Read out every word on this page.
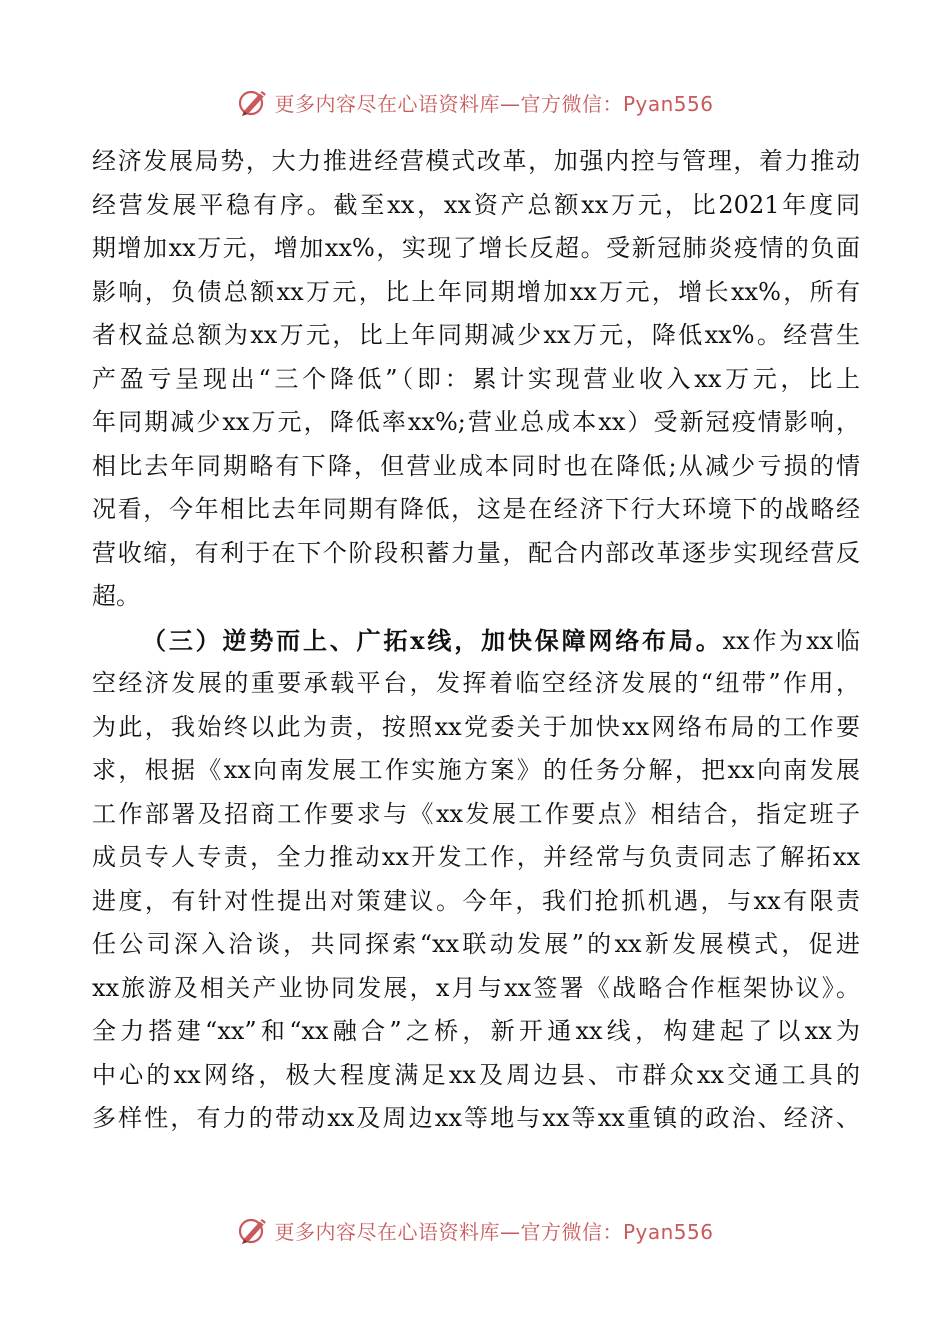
更多内容尽在心语资料库—官方微信：Pyan556
经济发展局势，大力推进经营模式改革，加强内控与管理，着力推动
经营发展平稳有序。截至xx，xx资产总额xx万元，比2021年度同
期增加xx万元，增加xx%，实现了增长反超。受新冠肺炎疫情的负面
影响，负债总额xx万元，比上年同期增加xx万元，增长xx%，所有
者权益总额为xx万元，比上年同期减少xx万元，降低xx%。经营生
产盈亏呈现出“三个降低”（即：累计实现营业收入xx万元，比上
年同期减少xx万元，降低率xx%;营业总成本xx）受新冠疫情影响，
相比去年同期略有下降，但营业成本同时也在降低;从减少亏损的情
况看，今年相比去年同期有降低，这是在经济下行大环境下的战略经
营收缩，有利于在下个阶段积蓄力量，配合内部改革逐步实现经营反
超。
（三）逆势而上、广拓x线，加快保障网络布局。xx作为xx临
空经济发展的重要承载平台，发挥着临空经济发展的“纽带”作用，
为此，我始终以此为责，按照xx党委关于加快xx网络布局的工作要
求，根据《xx向南发展工作实施方案》的任务分解，把xx向南发展
工作部署及招商工作要求与《xx发展工作要点》相结合，指定班子
成员专人专责，全力推动xx开发工作，并经常与负责同志了解拓xx
进度，有针对性提出对策建议。今年，我们抢抓机遇，与xx有限责
任公司深入洽谈，共同探索“xx联动发展”的xx新发展模式，促进
xx旅游及相关产业协同发展，x月与xx签署《战略合作框架协议》。
全力搭建“xx”和“xx融合”之桥，新开通xx线，构建起了以xx为
中心的xx网络，极大程度满足xx及周边县、市群众xx交通工具的
多样性，有力的带动xx及周边xx等地与xx等xx重镇的政治、经济、
更多内容尽在心语资料库—官方微信：Pyan556
